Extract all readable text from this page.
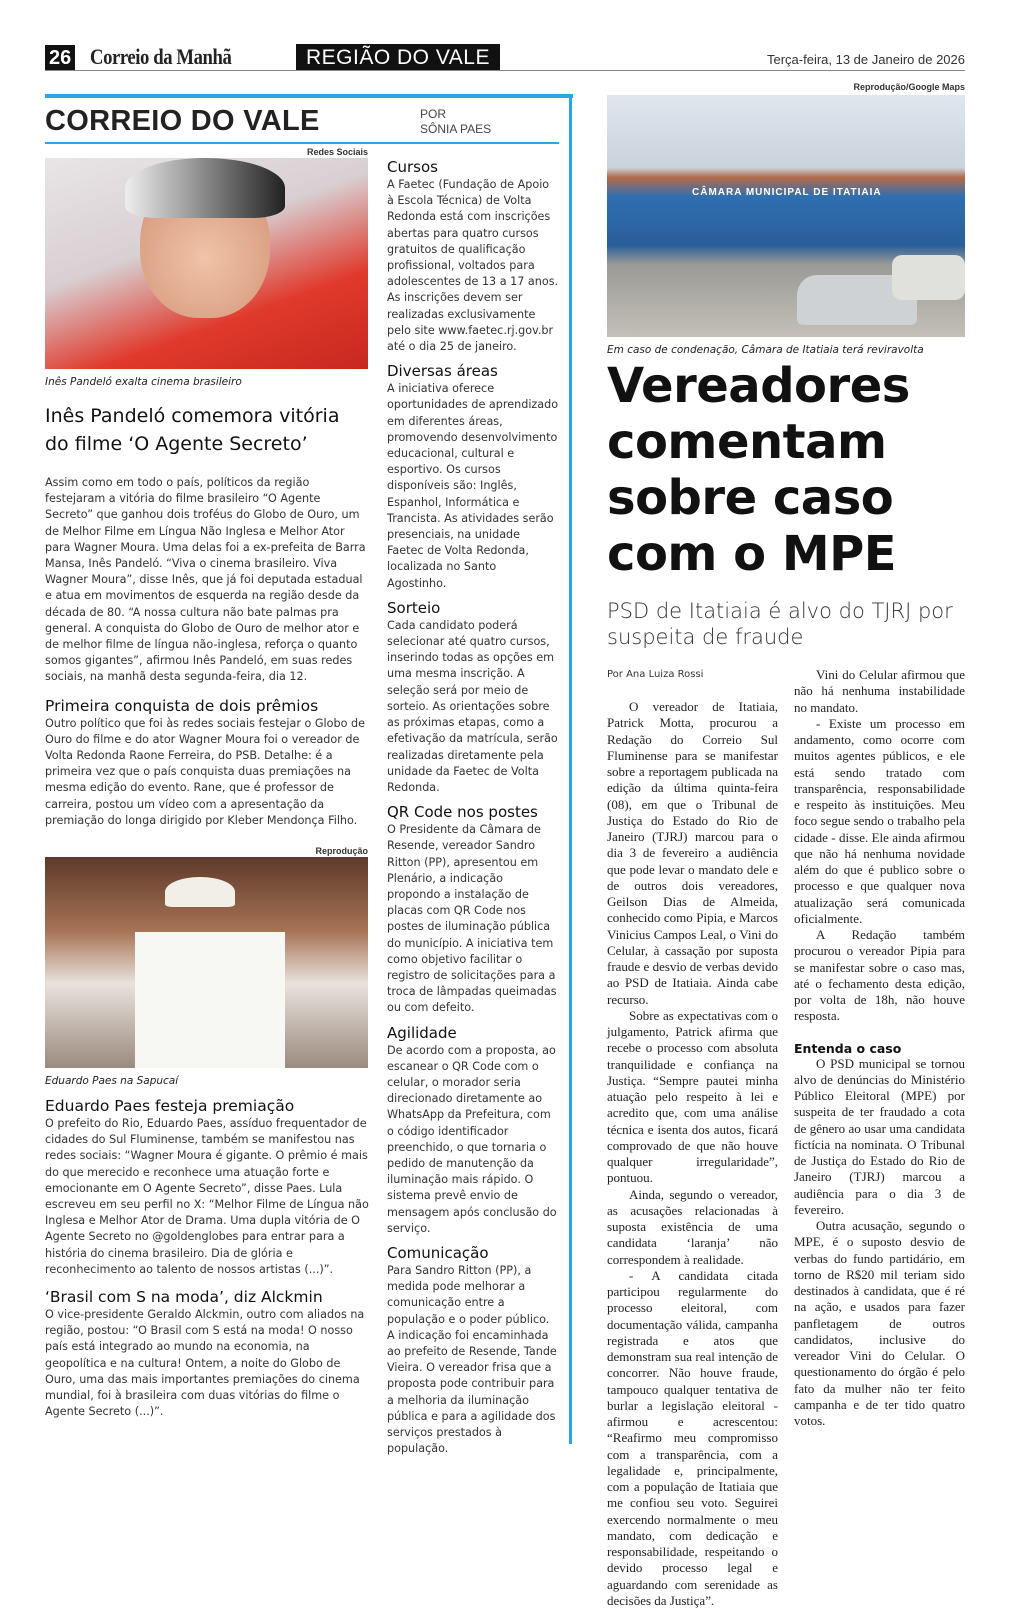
26 Correio da Manhã	REGIÃO DO VALE	Terça-feira, 13 de Janeiro de 2026
CORREIO DO VALE	POR
SÔNIA PAES
Redes Sociais
Inês Pandeló exalta cinema brasileiro
Inês Pandeló comemora vitória do filme ‘O Agente Secreto’

Assim como em todo o país, políticos da região festejaram a vitória do filme brasileiro “O Agente Secreto” que ganhou dois troféus do Globo de Ouro, um de Melhor Filme em Língua Não Inglesa e Melhor Ator para Wagner Moura. Uma delas foi a ex-prefeita de Barra Mansa, Inês Pandeló. “Viva o cinema brasileiro. Viva Wagner Moura”, disse Inês, que já foi deputada estadual e atua em movimentos de esquerda na região desde da década de 80. “A nossa cultura não bate palmas pra general. A conquista do Globo de Ouro de melhor ator e de melhor filme de língua não-inglesa, reforça o quanto somos gigantes”, afirmou Inês Pandeló, em suas redes sociais, na manhã desta segunda-feira, dia 12.

Primeira conquista de dois prêmios

Outro político que foi às redes sociais festejar o Globo de Ouro do filme e do ator Wagner Moura foi o vereador de Volta Redonda Raone Ferreira, do PSB. Detalhe: é a primeira vez que o país conquista duas premiações na mesma edição do evento. Rane, que é professor de carreira, postou um vídeo com a apresentação da premiação do longa dirigido por Kleber Mendonça Filho.

Reprodução
Eduardo Paes na Sapucaí
Eduardo Paes festeja premiação

O prefeito do Rio, Eduardo Paes, assíduo frequentador de cidades do Sul Fluminense, também se manifestou nas redes sociais: “Wagner Moura é gigante. O prêmio é mais do que merecido e reconhece uma atuação forte e emocionante em O Agente Secreto”, disse Paes. Lula escreveu em seu perfil no X: “Melhor Filme de Língua não Inglesa e Melhor Ator de Drama. Uma dupla vitória de O Agente Secreto no @goldenglobes para entrar para a história do cinema brasileiro. Dia de glória e reconhecimento ao talento de nossos artistas (...)”.

‘Brasil com S na moda’, diz Alckmin

O vice-presidente Geraldo Alckmin, outro com aliados na região, postou: “O Brasil com S está na moda! O nosso país está integrado ao mundo na economia, na geopolítica e na cultura! Ontem, a noite do Globo de Ouro, uma das mais importantes premiações do cinema mundial, foi à brasileira com duas vitórias do filme o Agente Secreto (...)”.

Cursos

A Faetec (Fundação de Apoio à Escola Técnica) de Volta Redonda está com inscrições abertas para quatro cursos gratuitos de qualificação profissional, voltados para adolescentes de 13 a 17 anos. As inscrições devem ser realizadas exclusivamente pelo site www.faetec.rj.gov.br até o dia 25 de janeiro.

Diversas áreas

A iniciativa oferece oportunidades de aprendizado em diferentes áreas, promovendo desenvolvimento educacional, cultural e esportivo. Os cursos disponíveis são: Inglês, Espanhol, Informática e Trancista. As atividades serão presenciais, na unidade Faetec de Volta Redonda, localizada no Santo Agostinho.

Sorteio

Cada candidato poderá selecionar até quatro cursos, inserindo todas as opções em uma mesma inscrição. A seleção será por meio de sorteio. As orientações sobre as próximas etapas, como a efetivação da matrícula, serão realizadas diretamente pela unidade da Faetec de Volta Redonda.

QR Code nos postes

O Presidente da Câmara de Resende, vereador Sandro Ritton (PP), apresentou em Plenário, a indicação propondo a instalação de placas com QR Code nos postes de iluminação pública do município. A iniciativa tem como objetivo facilitar o registro de solicitações para a troca de lâmpadas queimadas ou com defeito.

Agilidade

De acordo com a proposta, ao escanear o QR Code com o celular, o morador seria direcionado diretamente ao WhatsApp da Prefeitura, com o código identificador preenchido, o que tornaria o pedido de manutenção da iluminação mais rápido. O sistema prevê envio de mensagem após conclusão do serviço.

Comunicação

Para Sandro Ritton (PP), a medida pode melhorar a comunicação entre a população e o poder público. A indicação foi encaminhada ao prefeito de Resende, Tande Vieira. O vereador frisa que a proposta pode contribuir para a melhoria da iluminação pública e para a agilidade dos serviços prestados à população.

Reprodução/Google Maps
CÂMARA MUNICIPAL DE ITATIAIA
Em caso de condenação, Câmara de Itatiaia terá reviravolta
Vereadores comentam sobre caso com o MPE
PSD de Itatiaia é alvo do TJRJ por suspeita de fraude
Por Ana Luiza Rossi

O vereador de Itatiaia, Patrick Motta, procurou a Redação do Correio Sul Fluminense para se manifestar sobre a reportagem publicada na edição da última quinta-feira (08), em que o Tribunal de Justiça do Estado do Rio de Janeiro (TJRJ) marcou para o dia 3 de fevereiro a audiência que pode levar o mandato dele e de outros dois vereadores, Geilson Dias de Almeida, conhecido como Pipia, e Marcos Vinicius Campos Leal, o Vini do Celular, à cassação por suposta fraude e desvio de verbas devido ao PSD de Itatiaia. Ainda cabe recurso.

Sobre as expectativas com o julgamento, Patrick afirma que recebe o processo com absoluta tranquilidade e confiança na Justiça. “Sempre pautei minha atuação pelo respeito à lei e acredito que, com uma análise técnica e isenta dos autos, ficará comprovado de que não houve qualquer irregularidade”, pontuou.

Ainda, segundo o vereador, as acusações relacionadas à suposta existência de uma candidata ‘laranja’ não correspondem à realidade.

- A candidata citada participou regularmente do processo eleitoral, com documentação válida, campanha registrada e atos que demonstram sua real intenção de concorrer. Não houve fraude, tampouco qualquer tentativa de burlar a legislação eleitoral - afirmou e acrescentou: “Reafirmo meu compromisso com a transparência, com a legalidade e, principalmente, com a população de Itatiaia que me confiou seu voto. Seguirei exercendo normalmente o meu mandato, com dedicação e responsabilidade, respeitando o devido processo legal e aguardando com serenidade as decisões da Justiça”.

Vini do Celular afirmou que não há nenhuma instabilidade no mandato.

- Existe um processo em andamento, como ocorre com muitos agentes públicos, e ele está sendo tratado com transparência, responsabilidade e respeito às instituições. Meu foco segue sendo o trabalho pela cidade - disse. Ele ainda afirmou que não há nenhuma novidade além do que é publico sobre o processo e que qualquer nova atualização será comunicada oficialmente.

A Redação também procurou o vereador Pipia para se manifestar sobre o caso mas, até o fechamento desta edição, por volta de 18h, não houve resposta.

Entenda o caso

O PSD municipal se tornou alvo de denúncias do Ministério Público Eleitoral (MPE) por suspeita de ter fraudado a cota de gênero ao usar uma candidata fictícia na nominata. O Tribunal de Justiça do Estado do Rio de Janeiro (TJRJ) marcou a audiência para o dia 3 de fevereiro.

Outra acusação, segundo o MPE, é o suposto desvio de verbas do fundo partidário, em torno de R$20 mil teriam sido destinados à candidata, que é ré na ação, e usados para fazer panfletagem de outros candidatos, inclusive do vereador Vini do Celular. O questionamento do órgão é pelo fato da mulher não ter feito campanha e de ter tido quatro votos.
